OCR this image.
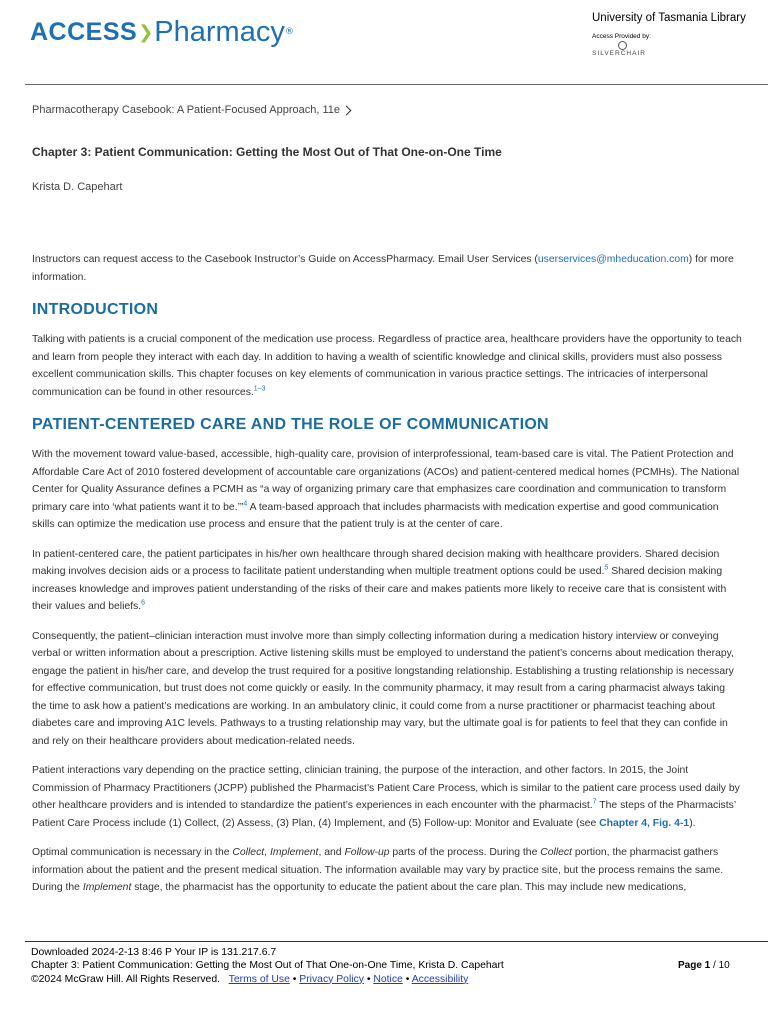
ACCESS ❯ Pharmacy ®
University of Tasmania Library
Access Provided by:
SILVERCHAIR
Pharmacotherapy Casebook: A Patient-Focused Approach, 11e
Chapter 3: Patient Communication: Getting the Most Out of That One-on-One Time
Krista D. Capehart

Instructors can request access to the Casebook Instructor’s Guide on AccessPharmacy. Email User Services (userservices@mheducation.com) for more information.

INTRODUCTION

Talking with patients is a crucial component of the medication use process. Regardless of practice area, healthcare providers have the opportunity to teach and learn from people they interact with each day. In addition to having a wealth of scientific knowledge and clinical skills, providers must also possess excellent communication skills. This chapter focuses on key elements of communication in various practice settings. The intricacies of interpersonal communication can be found in other resources.$^{1-3}$

PATIENT-CENTERED CARE AND THE ROLE OF COMMUNICATION

With the movement toward value-based, accessible, high-quality care, provision of interprofessional, team-based care is vital. The Patient Protection and Affordable Care Act of 2010 fostered development of accountable care organizations (ACOs) and patient-centered medical homes (PCMHs). The National Center for Quality Assurance defines a PCMH as “a way of organizing primary care that emphasizes care coordination and communication to transform primary care into ‘what patients want it to be.’”$^4$ A team-based approach that includes pharmacists with medication expertise and good communication skills can optimize the medication use process and ensure that the patient truly is at the center of care.

In patient-centered care, the patient participates in his/her own healthcare through shared decision making with healthcare providers. Shared decision making involves decision aids or a process to facilitate patient understanding when multiple treatment options could be used.$^5$ Shared decision making increases knowledge and improves patient understanding of the risks of their care and makes patients more likely to receive care that is consistent with their values and beliefs.$^6$

Consequently, the patient–clinician interaction must involve more than simply collecting information during a medication history interview or conveying verbal or written information about a prescription. Active listening skills must be employed to understand the patient’s concerns about medication therapy, engage the patient in his/her care, and develop the trust required for a positive longstanding relationship. Establishing a trusting relationship is necessary for effective communication, but trust does not come quickly or easily. In the community pharmacy, it may result from a caring pharmacist always taking the time to ask how a patient’s medications are working. In an ambulatory clinic, it could come from a nurse practitioner or pharmacist teaching about diabetes care and improving A1C levels. Pathways to a trusting relationship may vary, but the ultimate goal is for patients to feel that they can confide in and rely on their healthcare providers about medication-related needs.

Patient interactions vary depending on the practice setting, clinician training, the purpose of the interaction, and other factors. In 2015, the Joint Commission of Pharmacy Practitioners (JCPP) published the Pharmacist’s Patient Care Process, which is similar to the patient care process used daily by other healthcare providers and is intended to standardize the patient’s experiences in each encounter with the pharmacist.$^7$ The steps of the Pharmacists’ Patient Care Process include (1) Collect, (2) Assess, (3) Plan, (4) Implement, and (5) Follow-up: Monitor and Evaluate (see Chapter 4, Fig. 4-1).

Optimal communication is necessary in the Collect, Implement, and Follow-up parts of the process. During the Collect portion, the pharmacist gathers information about the patient and the present medical situation. The information available may vary by practice site, but the process remains the same. During the Implement stage, the pharmacist has the opportunity to educate the patient about the care plan. This may include new medications,

Downloaded 2024-2-13 8:46 P Your IP is 131.217.6.7
Chapter 3: Patient Communication: Getting the Most Out of That One-on-One Time, Krista D. Capehart
©2024 McGraw Hill. All Rights Reserved. Terms of Use • Privacy Policy • Notice • Accessibility
Page 1 / 10
